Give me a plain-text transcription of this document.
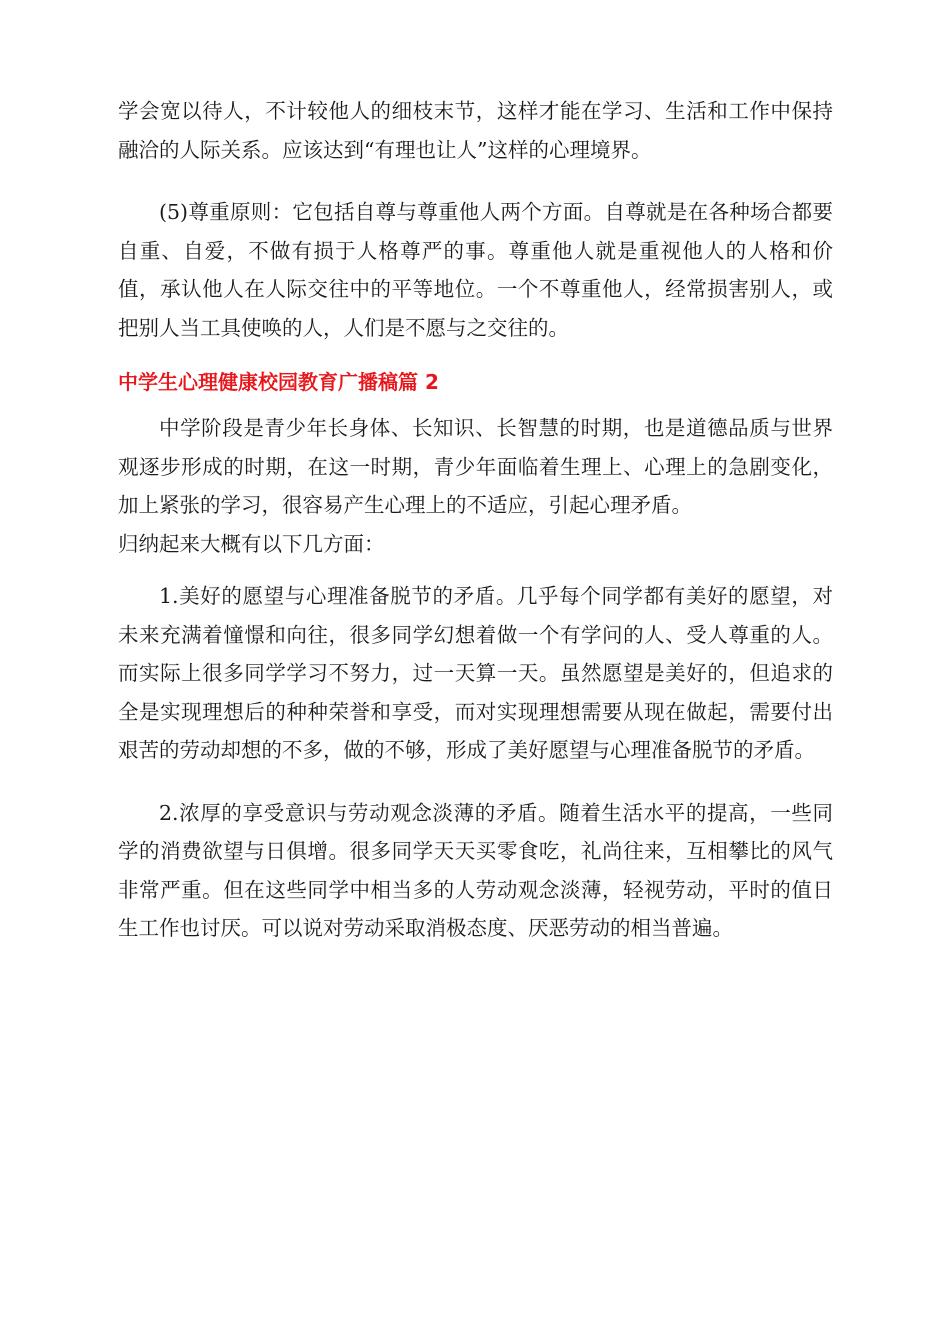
学会宽以待人，不计较他人的细枝末节，这样才能在学习、生活和工作中保持融洽的人际关系。应该达到“有理也让人”这样的心理境界。

(5)尊重原则：它包括自尊与尊重他人两个方面。自尊就是在各种场合都要自重、自爱，不做有损于人格尊严的事。尊重他人就是重视他人的人格和价值，承认他人在人际交往中的平等地位。一个不尊重他人，经常损害别人，或把别人当工具使唤的人，人们是不愿与之交往的。

中学生心理健康校园教育广播稿篇 2

中学阶段是青少年长身体、长知识、长智慧的时期，也是道德品质与世界观逐步形成的时期，在这一时期，青少年面临着生理上、心理上的急剧变化，加上紧张的学习，很容易产生心理上的不适应，引起心理矛盾。

归纳起来大概有以下几方面：

1.美好的愿望与心理准备脱节的矛盾。几乎每个同学都有美好的愿望，对未来充满着憧憬和向往，很多同学幻想着做一个有学问的人、受人尊重的人。而实际上很多同学学习不努力，过一天算一天。虽然愿望是美好的，但追求的全是实现理想后的种种荣誉和享受，而对实现理想需要从现在做起，需要付出艰苦的劳动却想的不多，做的不够，形成了美好愿望与心理准备脱节的矛盾。

2.浓厚的享受意识与劳动观念淡薄的矛盾。随着生活水平的提高，一些同学的消费欲望与日俱增。很多同学天天买零食吃，礼尚往来，互相攀比的风气非常严重。但在这些同学中相当多的人劳动观念淡薄，轻视劳动，平时的值日生工作也讨厌。可以说对劳动采取消极态度、厌恶劳动的相当普遍。
